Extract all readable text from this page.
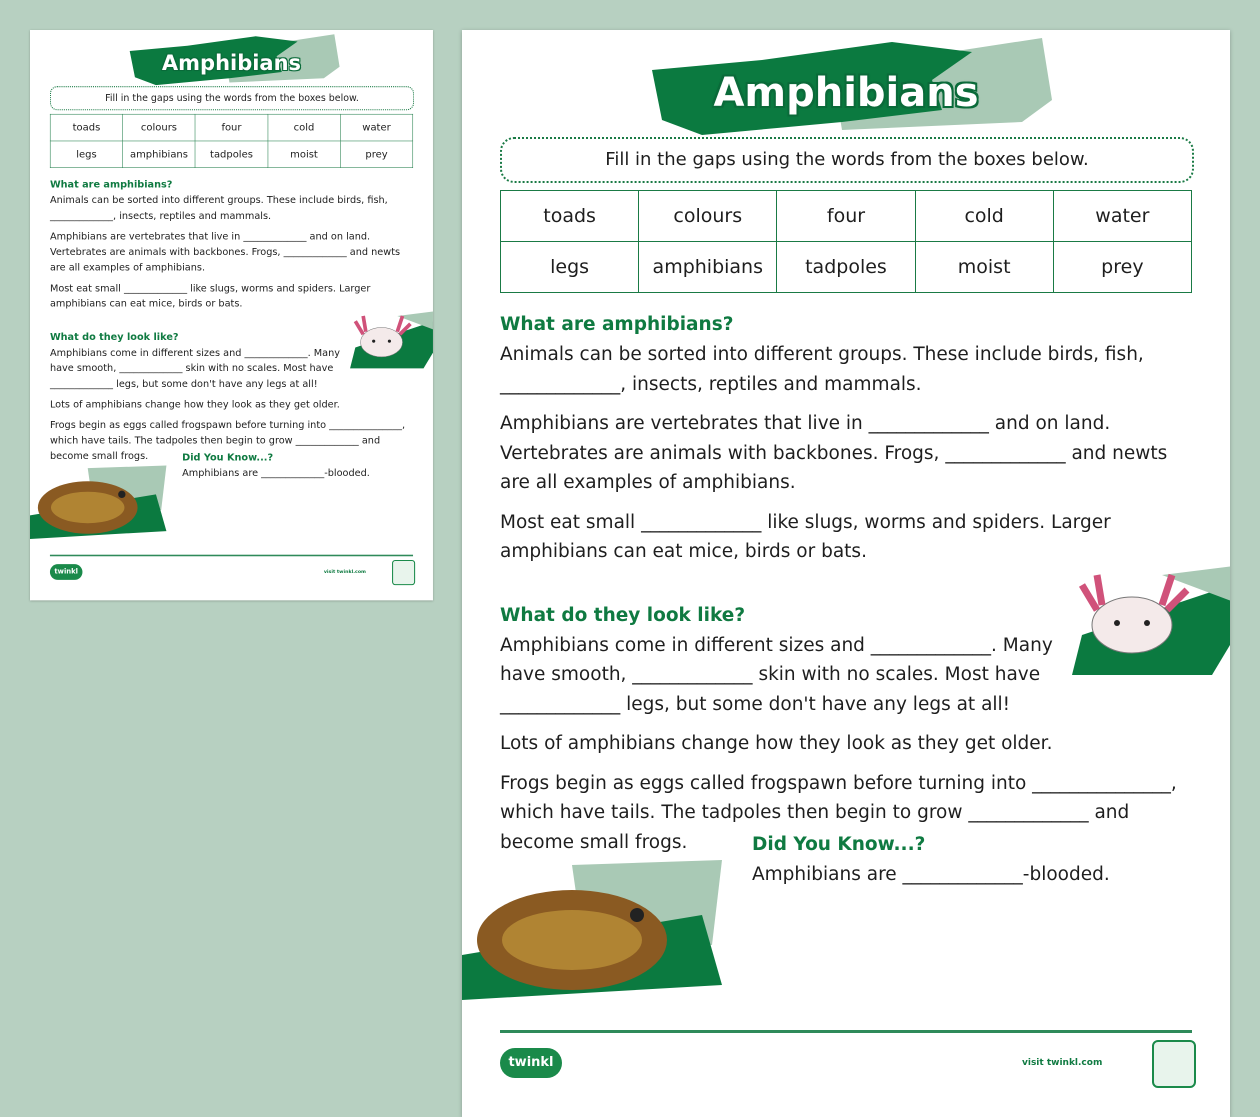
Amphibians
Fill in the gaps using the words from the boxes below.
toads	colours	four	cold	water
legs	amphibians	tadpoles	moist	prey
What are amphibians?

Animals can be sorted into different groups. These include birds, fish, _____________, insects, reptiles and mammals.

Amphibians are vertebrates that live in _____________ and on land. Vertebrates are animals with backbones. Frogs, _____________ and newts are all examples of amphibians.

Most eat small _____________ like slugs, worms and spiders. Larger amphibians can eat mice, birds or bats.

What do they look like?

Amphibians come in different sizes and _____________. Many have smooth, _____________ skin with no scales. Most have _____________ legs, but some don't have any legs at all!

Lots of amphibians change how they look as they get older.

Frogs begin as eggs called frogspawn before turning into _______________, which have tails. The tadpoles then begin to grow _____________ and become small frogs.	Did You Know...?
Amphibians are _____________-blooded.
twinkl	visit twinkl.com
Amphibians
Fill in the gaps using the words from the boxes below.
toads	colours	four	cold	water
legs	amphibians	tadpoles	moist	prey
What are amphibians?

Animals can be sorted into different groups. These include birds, fish, _____________, insects, reptiles and mammals.

Amphibians are vertebrates that live in _____________ and on land. Vertebrates are animals with backbones. Frogs, _____________ and newts are all examples of amphibians.

Most eat small _____________ like slugs, worms and spiders. Larger amphibians can eat mice, birds or bats.

What do they look like?

Amphibians come in different sizes and _____________. Many have smooth, _____________ skin with no scales. Most have _____________ legs, but some don't have any legs at all!

Lots of amphibians change how they look as they get older.

Frogs begin as eggs called frogspawn before turning into _______________, which have tails. The tadpoles then begin to grow _____________ and become small frogs.	Did You Know...?
Amphibians are _____________-blooded.
twinkl	visit twinkl.com
